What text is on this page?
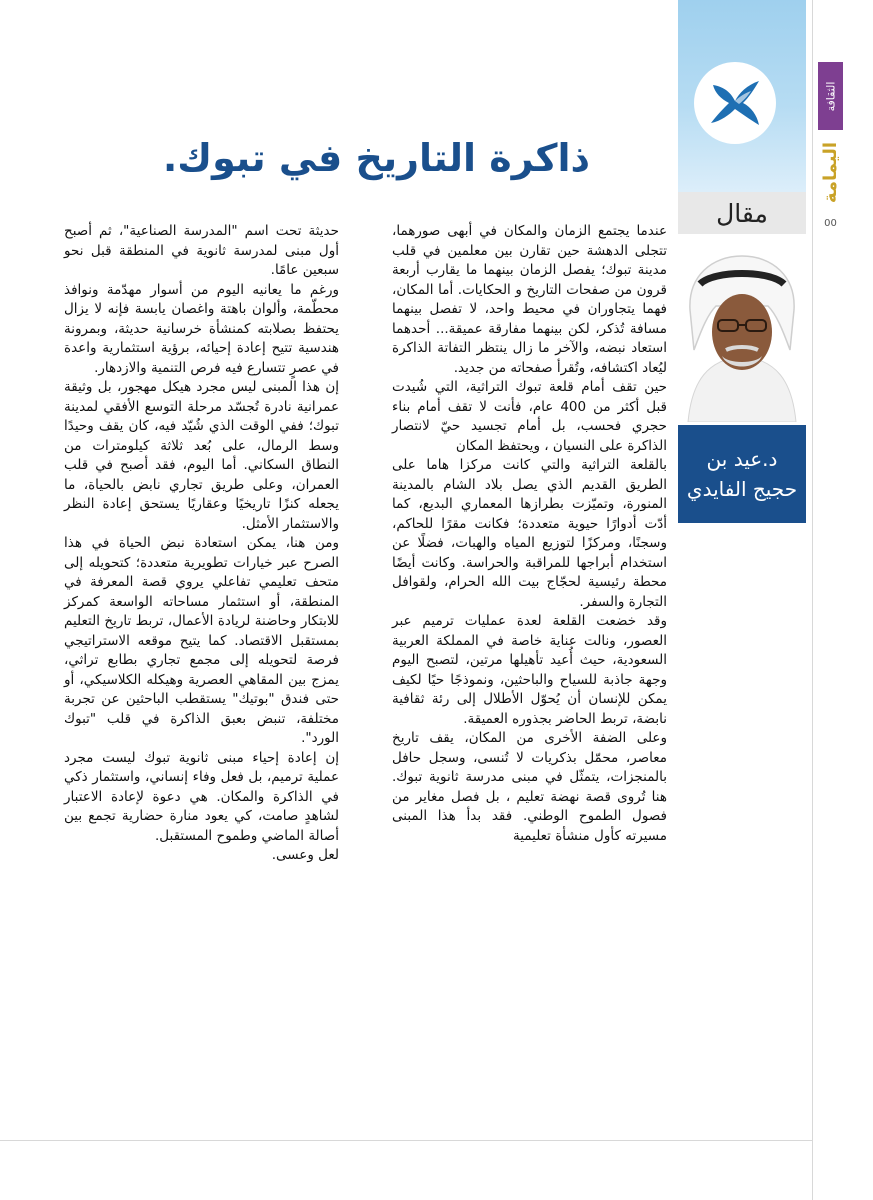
مقال
د.عيد بن حجيج الفايدي
الثقافة
اليمامة
00
ذاكرة التاريخ في تبوك.

عندما يجتمع الزمان والمكان في أبهى صورهما، تتجلى الدهشة حين تقارن بين معلمين في قلب مدينة تبوك؛ يفصل الزمان بينهما ما يقارب أربعة قرون من صفحات التاريخ و الحكايات. أما المكان، فهما يتجاوران في محيط واحد، لا تفصل بينهما مسافة تُذكر، لكن بينهما مفارقة عميقة... أحدهما استعاد نبضه، والآخر ما زال ينتظر التفاتة الذاكرة ليُعاد اكتشافه، وتُقرأ صفحاته من جديد.

حين تقف أمام قلعة تبوك التراثية، التي شُيدت قبل أكثر من 400 عام، فأنت لا تقف أمام بناء حجري فحسب، بل أمام تجسيد حيّ لانتصار الذاكرة على النسيان ، ويحتفظ المكان

بالقلعة التراثية والتي كانت مركزا هاما على الطريق القديم الذي يصل بلاد الشام بالمدينة المنورة، وتميّزت بطرازها المعماري البديع، كما أدّت أدوارًا حيوية متعددة؛ فكانت مقرًا للحاكم، وسجنًا، ومركزًا لتوزيع المياه والهبات، فضلًا عن استخدام أبراجها للمراقبة والحراسة. وكانت أيضًا محطة رئيسية لحجّاج بيت الله الحرام، ولقوافل التجارة والسفر.

وقد خضعت القلعة لعدة عمليات ترميم عبر العصور، ونالت عناية خاصة في المملكة العربية السعودية، حيث أُعيد تأهيلها مرتين، لتصبح اليوم وجهة جاذبة للسياح والباحثين، ونموذجًا حيًا لكيف يمكن للإنسان أن يُحوّل الأطلال إلى رئة ثقافية نابضة، تربط الحاضر بجذوره العميقة.

وعلى الضفة الأخرى من المكان، يقف تاريخ معاصر، محمّل بذكريات لا تُنسى، وسجل حافل بالمنجزات، يتمثّل في مبنى مدرسة ثانوية تبوك. هنا تُروى قصة نهضة تعليم ، بل فصل مغاير من فصول الطموح الوطني. فقد بدأ هذا المبنى مسيرته كأول منشأة تعليمية

حديثة تحت اسم "المدرسة الصناعية"، ثم أصبح أول مبنى لمدرسة ثانوية في المنطقة قبل نحو سبعين عامًا.

ورغم ما يعانيه اليوم من أسوار مهدّمة ونوافذ محطّمة، وألوان باهتة واغصان يابسة فإنه لا يزال يحتفظ بصلابته كمنشأة خرسانية حديثة، وبمرونة هندسية تتيح إعادة إحيائه، برؤية استثمارية واعدة في عصرٍ تتسارع فيه فرص التنمية والازدهار.

إن هذا المبنى ليس مجرد هيكل مهجور، بل وثيقة عمرانية نادرة تُجسّد مرحلة التوسع الأفقي لمدينة تبوك؛ ففي الوقت الذي شُيّد فيه، كان يقف وحيدًا وسط الرمال، على بُعد ثلاثة كيلومترات من النطاق السكاني. أما اليوم، فقد أصبح في قلب العمران، وعلى طريق تجاري نابض بالحياة، ما يجعله كنزًا تاريخيًا وعقاريًا يستحق إعادة النظر والاستثمار الأمثل.

ومن هنا، يمكن استعادة نبض الحياة في هذا الصرح عبر خيارات تطويرية متعددة؛ كتحويله إلى متحف تعليمي تفاعلي يروي قصة المعرفة في المنطقة، أو استثمار مساحاته الواسعة كمركز للابتكار وحاضنة لريادة الأعمال، تربط تاريخ التعليم بمستقبل الاقتصاد. كما يتيح موقعه الاستراتيجي فرصة لتحويله إلى مجمع تجاري بطابع تراثي، يمزج بين المقاهي العصرية وهيكله الكلاسيكي، أو حتى فندق "بوتيك" يستقطب الباحثين عن تجربة مختلفة، تنبض بعبق الذاكرة في قلب "تبوك الورد".

إن إعادة إحياء مبنى ثانوية تبوك ليست مجرد عملية ترميم، بل فعل وفاء إنساني، واستثمار ذكي في الذاكرة والمكان. هي دعوة لإعادة الاعتبار لشاهدٍ صامت، كي يعود منارة حضارية تجمع بين أصالة الماضي وطموح المستقبل.

لعل وعسى.
